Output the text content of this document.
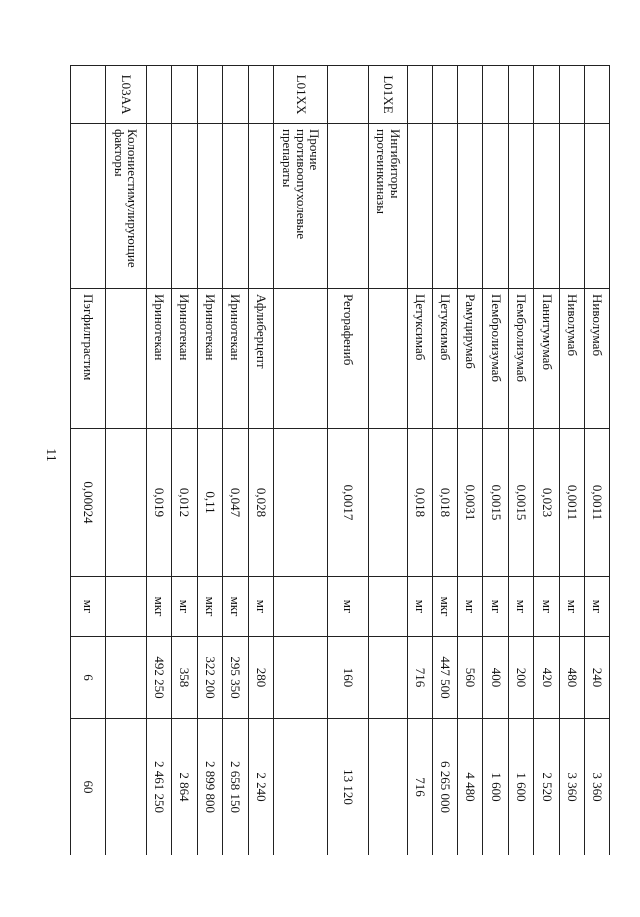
11
		Ниволумаб	0,0011	мг	240	3 360
		Ниволумаб	0,0011	мг	480	3 360
		Панитумумаб	0,023	мг	420	2 520
		Пембролизумаб	0,0015	мг	200	1 600
		Пембролизумаб	0,0015	мг	400	1 600
		Рамуцирумаб	0,0031	мг	560	4 480
		Цетуксимаб	0,018	мкг	447 500	6 265 000
		Цетуксимаб	0,018	мг	716	716
L01XE	Ингибиторы протеинкиназы					
		Регорафениб	0,0017	мг	160	13 120
L01XX	Прочие противоопухолевые препараты					
		Афлиберцепт	0,028	мг	280	2 240
		Иринотекан	0,047	мкг	295 350	2 658 150
		Иринотекан	0,11	мкг	322 200	2 899 800
		Иринотекан	0,012	мг	358	2 864
		Иринотекан	0,019	мкг	492 250	2 461 250
L03AA	Колониестимулирующие факторы					
		Пэгфилграстим	0,00024	мг	6	60
